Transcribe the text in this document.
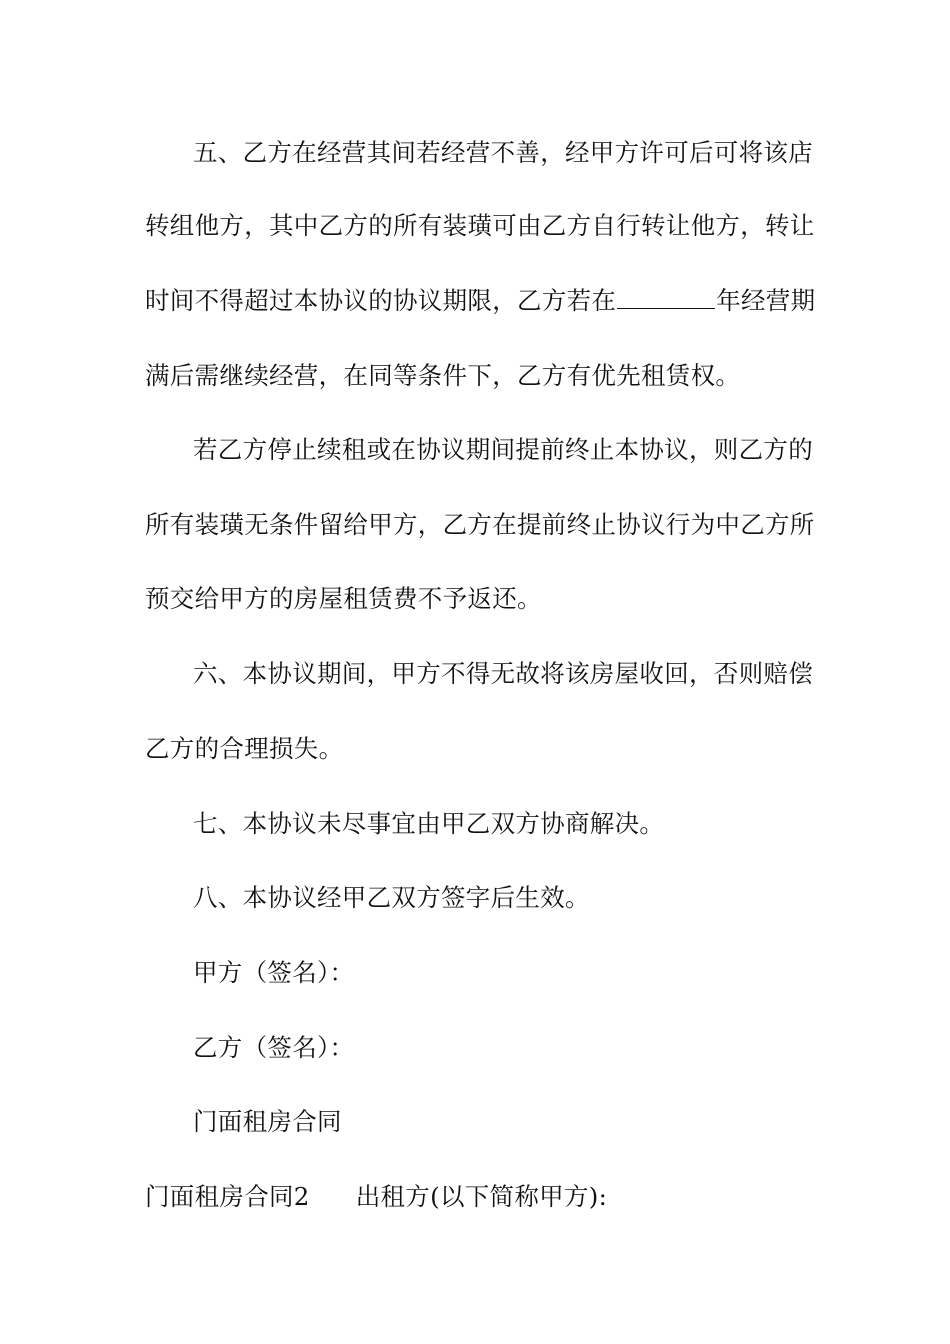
五、乙方在经营其间若经营不善，经甲方许可后可将该店
转组他方，其中乙方的所有装璜可由乙方自行转让他方，转让
时间不得超过本协议的协议期限，乙方若在	年经营期
满后需继续经营，在同等条件下，乙方有优先租赁权。
若乙方停止续租或在协议期间提前终止本协议，则乙方的
所有装璜无条件留给甲方，乙方在提前终止协议行为中乙方所
预交给甲方的房屋租赁费不予返还。
六、本协议期间，甲方不得无故将该房屋收回，否则赔偿
乙方的合理损失。
七、本协议未尽事宜由甲乙双方协商解决。
八、本协议经甲乙双方签字后生效。
甲方（签名）：
乙方（签名）：
门面租房合同
门面租房合同2 出租方(以下简称甲方):
